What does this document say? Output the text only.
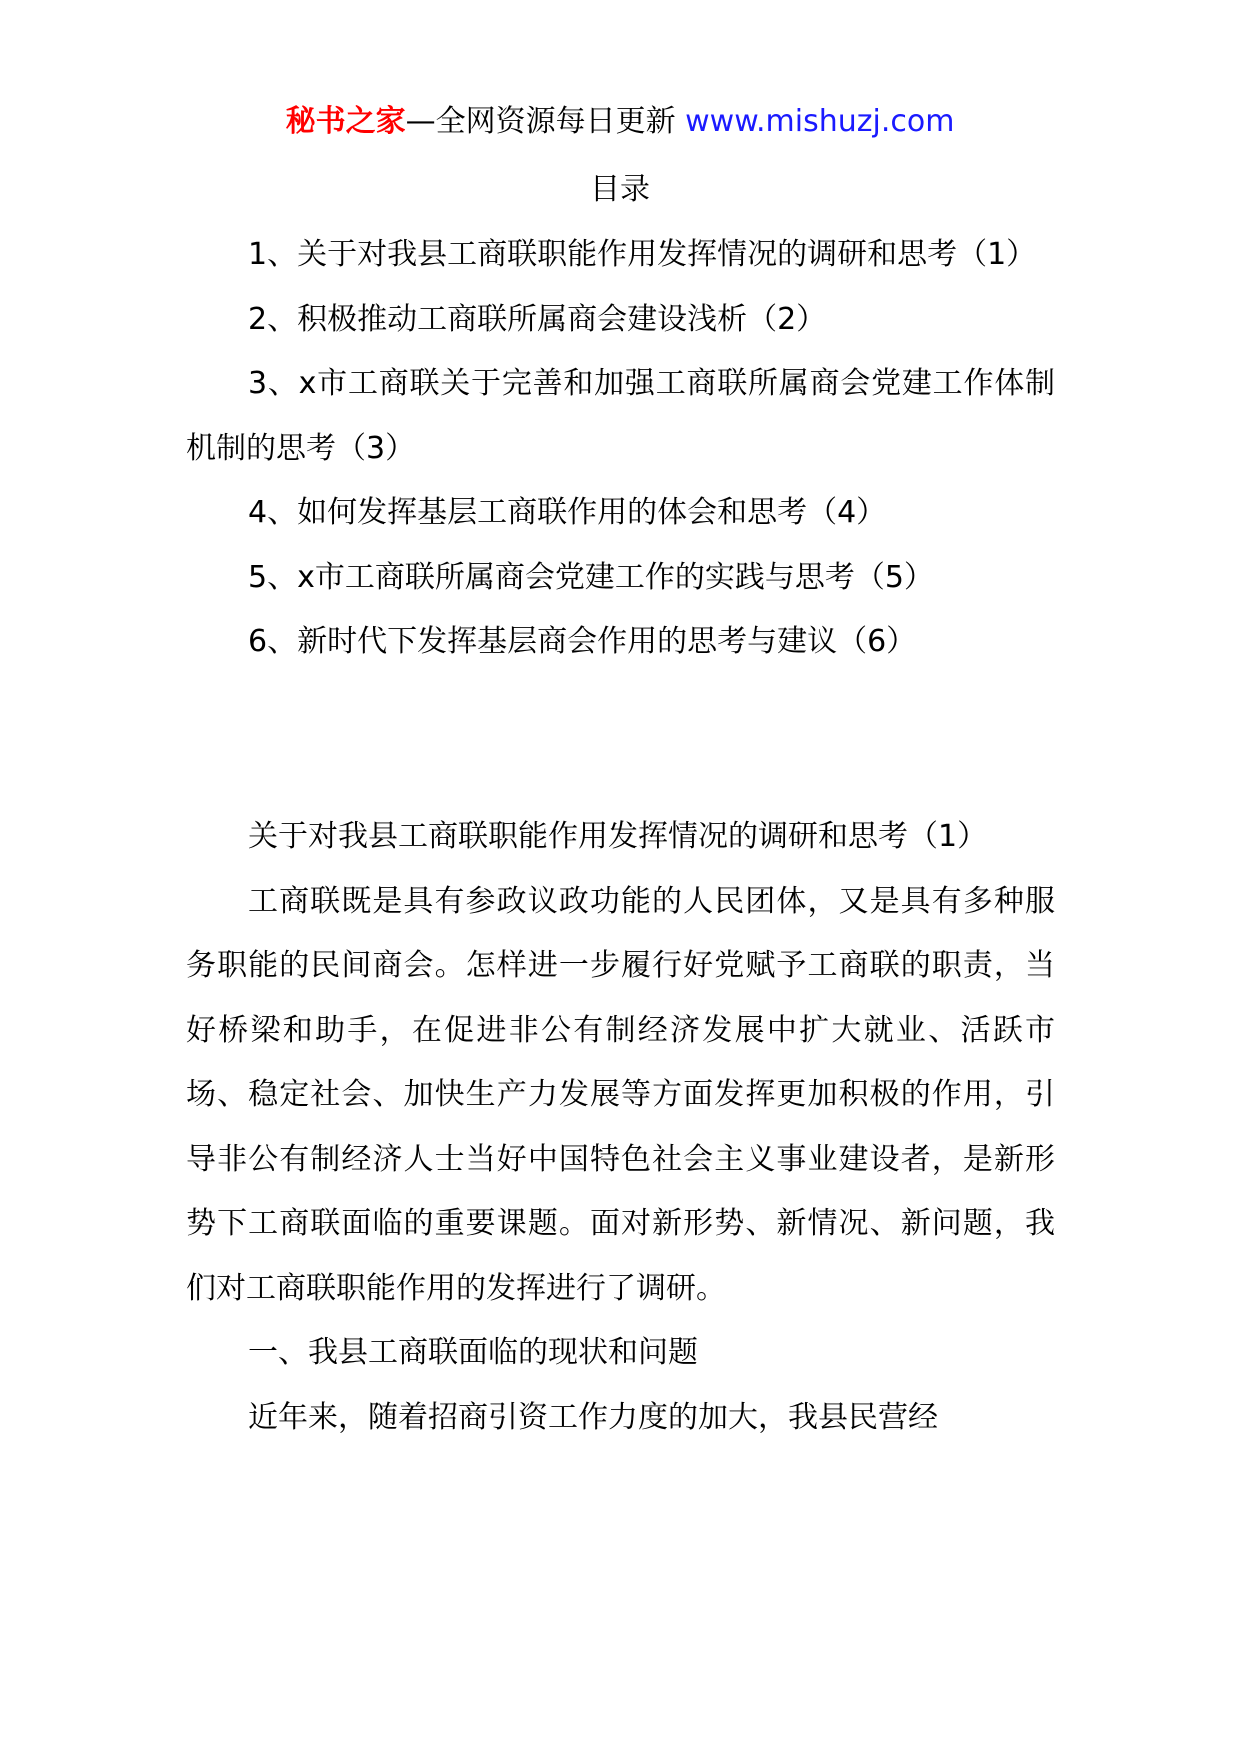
秘书之家—全网资源每日更新 www.mishuzj.com
目录

1、关于对我县工商联职能作用发挥情况的调研和思考（1）

2、积极推动工商联所属商会建设浅析（2）

3、x市工商联关于完善和加强工商联所属商会党建工作体制机制的思考（3）

4、如何发挥基层工商联作用的体会和思考（4）

5、x市工商联所属商会党建工作的实践与思考（5）

6、新时代下发挥基层商会作用的思考与建议（6）

关于对我县工商联职能作用发挥情况的调研和思考（1）

工商联既是具有参政议政功能的人民团体，又是具有多种服务职能的民间商会。怎样进一步履行好党赋予工商联的职责，当好桥梁和助手，在促进非公有制经济发展中扩大就业、活跃市场、稳定社会、加快生产力发展等方面发挥更加积极的作用，引导非公有制经济人士当好中国特色社会主义事业建设者，是新形势下工商联面临的重要课题。面对新形势、新情况、新问题，我们对工商联职能作用的发挥进行了调研。

一、我县工商联面临的现状和问题

近年来，随着招商引资工作力度的加大，我县民营经
